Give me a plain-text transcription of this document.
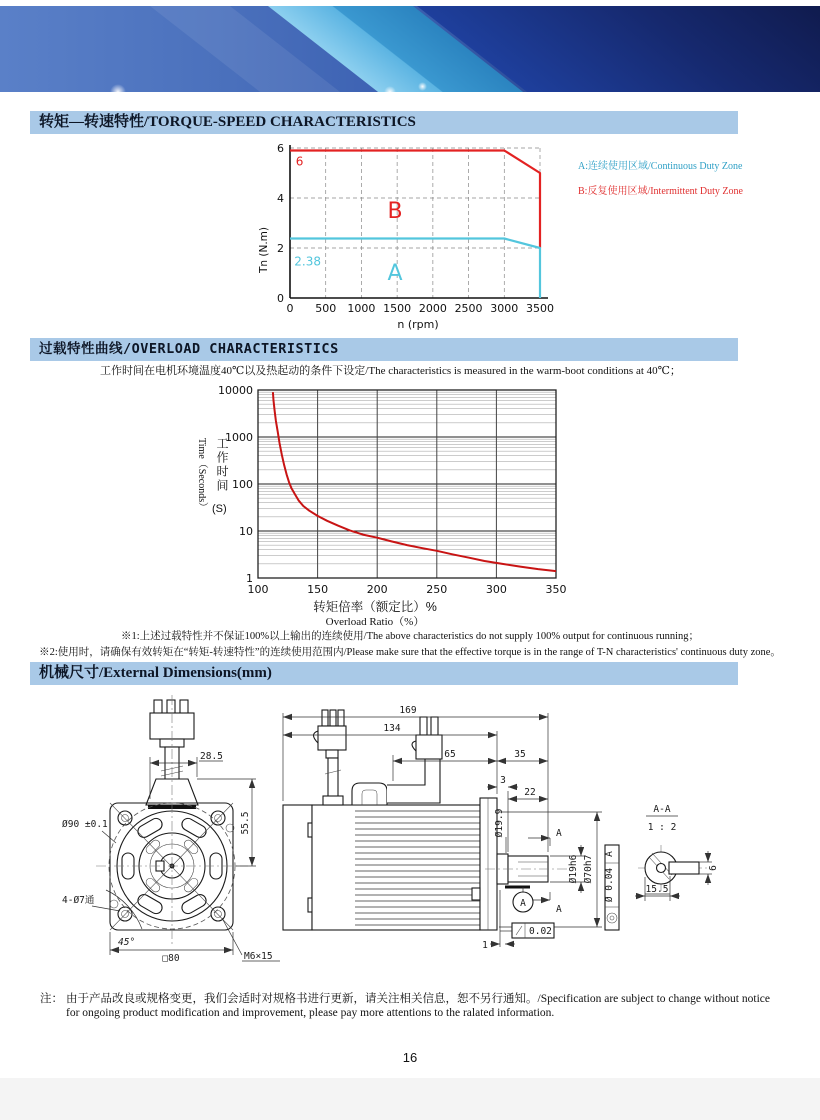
转矩—转速特性/TORQUE-SPEED CHARACTERISTICS
0 500 1000 1500 2000 2500 3000 3500
0
2
4
6
6
2.38
B
A
n (rpm)
Tn (N.m)
A:连续使用区域/Continuous Duty Zone
B:反复使用区域/Intermittent Duty Zone
过载特性曲线/OVERLOAD CHARACTERISTICS
工作时间在电机环境温度40℃以及热起动的条件下设定/The characteristics is measured in the warm-boot conditions at 40℃；
100	150	200	250	300	350
1
10
100
1000
10000
Time（Seconds） 工作时间
(S)
转矩倍率（额定比）%
Overload Ratio（%）
※1:上述过载特性并不保证100%以上输出的连续使用/The above characteristics do not supply 100% output for continuous running；
※2:使用时，请确保有效转矩在“转矩-转速特性”的连续使用范围内/Please make sure that the effective torque is in the range of T-N characteristics' continuous duty zone。
机械尺寸/External Dimensions(mm)
28.5
55.5
Ø90 ±0.1
4-Ø7通
45°
□80	M6×15
169
134
65	35
3
22
Ø19.9	A
A
Ø19h6 Ø70h7
A
0.02
1
A
Ø 0.04
A-A
1 : 2
6
15.5
注： 由于产品改良或规格变更，我们会适时对规格书进行更新，请关注相关信息，恕不另行通知。/Specification are subject to change without notice
for ongoing product modification and improvement, please pay more attentions to the ralated information.
16
